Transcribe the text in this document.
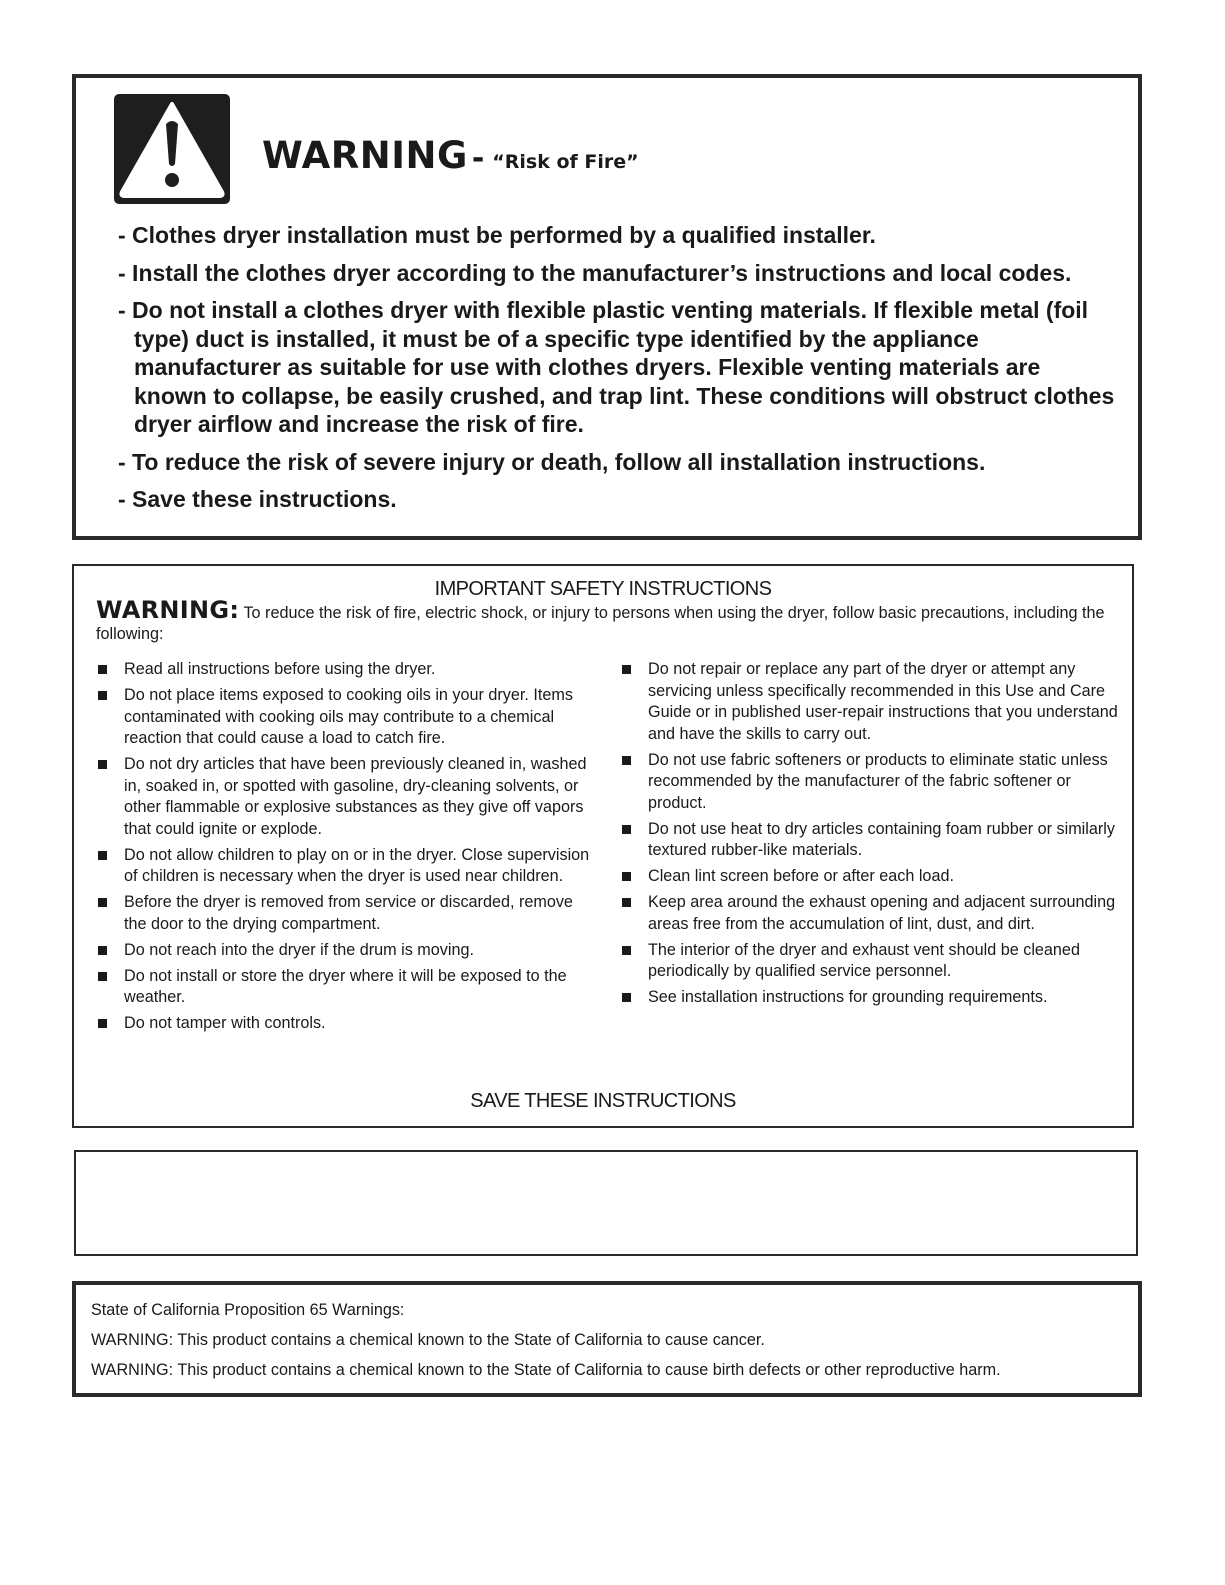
WARNING - “Risk of Fire”
- Clothes dryer installation must be performed by a qualified installer.
- Install the clothes dryer according to the manufacturer’s instructions and local codes.
- Do not install a clothes dryer with flexible plastic venting materials. If flexible metal (foil type) duct is installed, it must be of a specific type identified by the appliance manufacturer as suitable for use with clothes dryers. Flexible venting materials are known to collapse, be easily crushed, and trap lint. These conditions will obstruct clothes dryer airflow and increase the risk of fire.
- To reduce the risk of severe injury or death, follow all installation instructions.
- Save these instructions.
IMPORTANT SAFETY INSTRUCTIONS
WARNING: To reduce the risk of fire, electric shock, or injury to persons when using the dryer, follow basic precautions, including the following:
Read all instructions before using the dryer.
Do not place items exposed to cooking oils in your dryer. Items contaminated with cooking oils may contribute to a chemical reaction that could cause a load to catch fire.
Do not dry articles that have been previously cleaned in, washed in, soaked in, or spotted with gasoline, dry-cleaning solvents, or other flammable or explosive substances as they give off vapors that could ignite or explode.
Do not allow children to play on or in the dryer. Close supervision of children is necessary when the dryer is used near children.
Before the dryer is removed from service or discarded, remove the door to the drying compartment.
Do not reach into the dryer if the drum is moving.
Do not install or store the dryer where it will be exposed to the weather.
Do not tamper with controls.
Do not repair or replace any part of the dryer or attempt any servicing unless specifically recommended in this Use and Care Guide or in published user-repair instructions that you understand and have the skills to carry out.
Do not use fabric softeners or products to eliminate static unless recommended by the manufacturer of the fabric softener or product.
Do not use heat to dry articles containing foam rubber or similarly textured rubber-like materials.
Clean lint screen before or after each load.
Keep area around the exhaust opening and adjacent surrounding areas free from the accumulation of lint, dust, and dirt.
The interior of the dryer and exhaust vent should be cleaned periodically by qualified service personnel.
See installation instructions for grounding requirements.
SAVE THESE INSTRUCTIONS
State of California Proposition 65 Warnings:
WARNING: This product contains a chemical known to the State of California to cause cancer.
WARNING: This product contains a chemical known to the State of California to cause birth defects or other reproductive harm.
